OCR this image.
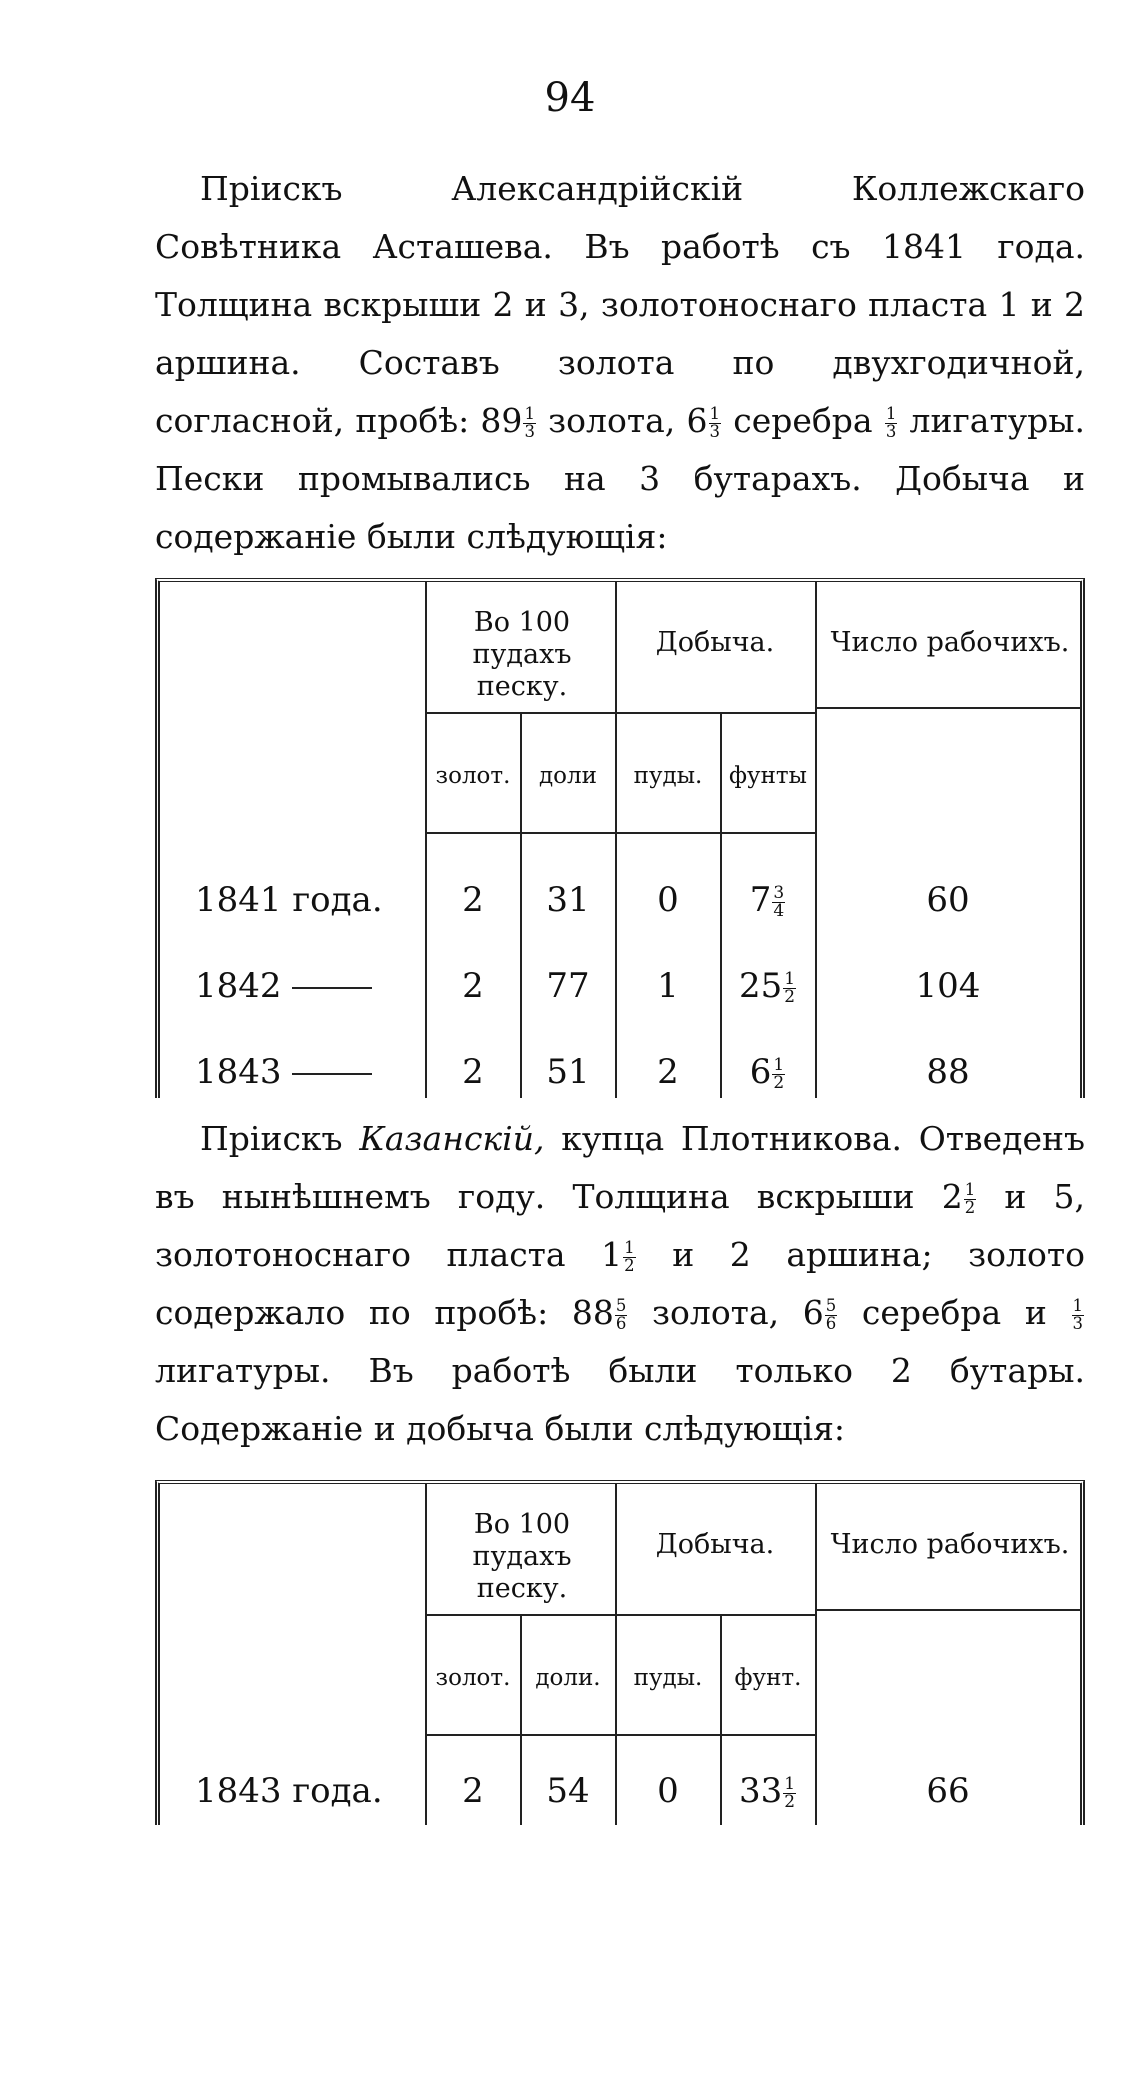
94

Пріискъ Александрійскій Коллежскаго Совѣтника Асташева. Въ работѣ съ 1841 года. Толщина вскрыши 2 и 3, золотоноснаго пласта 1 и 2 аршина. Составъ золота по двухгодичной, согласной, пробѣ: $89 \frac{1}{3}$ золота, $6 \frac{1}{3}$ серебра $\frac{1}{3}$ лигатуры. Пески промывались на 3 бутарахъ. Добыча и содержаніе были слѣдующія:

Во 100 пудахъ песку.
Добыча.	Число рабочихъ.
золот.	доли	пуды.	фунты
1841 года.	2	31	0	$7 \frac{3}{4}$	60
1842	2	77	1	$25 \frac{1}{2}$	104
1843	2	51	2	$6 \frac{1}{2}$	88

Пріискъ Казанскій, купца Плотникова. Отведенъ въ нынѣшнемъ году. Толщина вскрыши $2 \frac{1}{2}$ и 5, золотоноснаго пласта $1 \frac{1}{2}$ и 2 аршина; золото содержало по пробѣ: $88 \frac{5}{6}$ золота, $6 \frac{5}{6}$ серебра и $\frac{1}{3}$
лигатуры. Въ работѣ были только 2 бутары. Содержаніе и добыча были слѣдующія:

Во 100 пудахъ песку.
Добыча.	Число рабочихъ.
золот.	доли.	пуды.	фунт.
1843 года.	2	54	0	$33 \frac{1}{2}$	66
